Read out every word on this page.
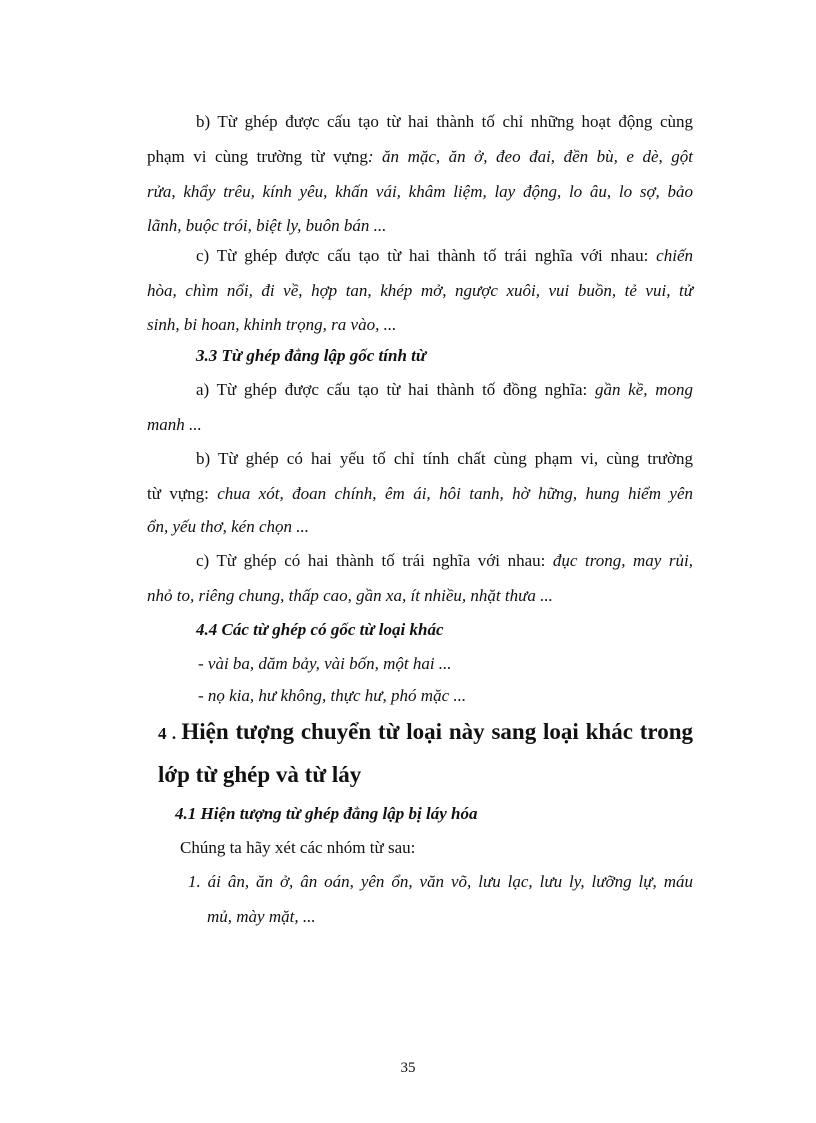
b) Từ ghép được cấu tạo từ hai thành tố chỉ những hoạt động cùng
phạm vi cùng trường từ vựng: ăn mặc, ăn ở, đeo đai, đền bù, e dè, gột
rửa, khẩy trêu, kính yêu, khấn vái, khâm liệm, lay động, lo âu, lo sợ, bảo
lãnh, buộc trói, biệt ly, buôn bán ...
c) Từ ghép được cấu tạo từ hai thành tố trái nghĩa với nhau: chiến
hòa, chìm nổi, đi về, hợp tan, khép mở, ngược xuôi, vui buồn, tẻ vui, tử
sinh, bi hoan, khinh trọng, ra vào, ...
3.3 Từ ghép đẳng lập gốc tính từ
a) Từ ghép được cấu tạo từ hai thành tố đồng nghĩa: gần kề, mong
manh ...
b) Từ ghép có hai yếu tố chỉ tính chất cùng phạm vi, cùng trường
từ vựng: chua xót, đoan chính, êm ái, hôi tanh, hờ hững, hung hiểm yên
ổn, yếu thơ, kén chọn ...
c) Từ ghép có hai thành tố trái nghĩa với nhau: đục trong, may rủi,
nhỏ to, riêng chung, thấp cao, gần xa, ít nhiều, nhặt thưa ...
4.4 Các từ ghép có gốc từ loại khác
- vài ba, dăm bảy, vài bốn, một hai ...
- nọ kia, hư không, thực hư, phó mặc ...
4 . Hiện tượng chuyển từ loại này sang loại khác trong
lớp từ ghép và từ láy
4.1 Hiện tượng từ ghép đẳng lập bị láy hóa
Chúng ta hãy xét các nhóm từ sau:
1. ái ân, ăn ở, ân oán, yên ổn, văn võ, lưu lạc, lưu ly, lưỡng lự, máu
mủ, mày mặt, ...
35
